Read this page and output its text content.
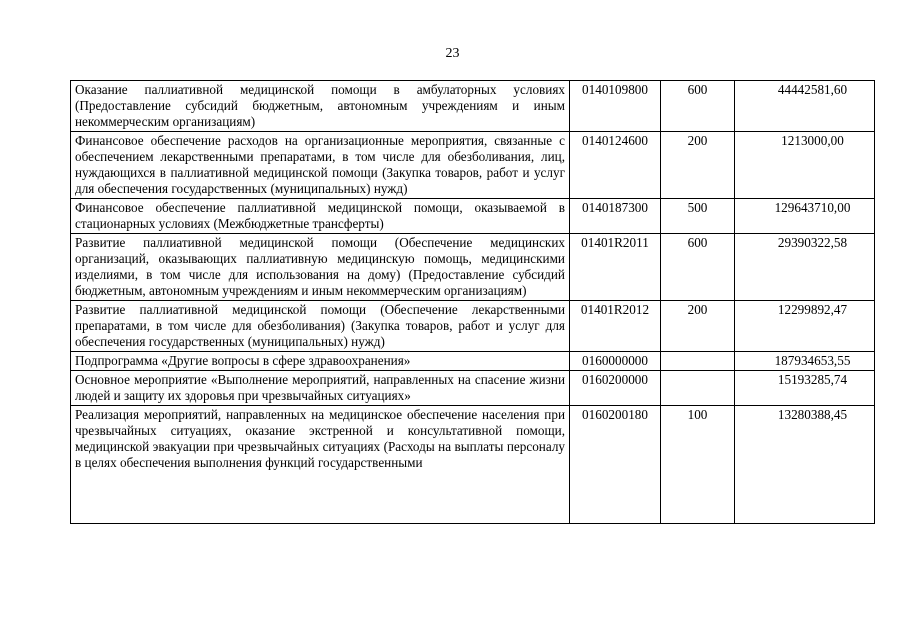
23
Оказание паллиативной медицинской помощи в амбулаторных условиях (Предоставление субсидий бюджетным, автономным учреждениям и иным некоммерческим организациям)	0140109800	600	44442581,60
Финансовое обеспечение расходов на организационные мероприятия, связанные с обеспечением лекарственными препаратами, в том числе для обезболивания, лиц, нуждающихся в паллиативной медицинской помощи (Закупка товаров, работ и услуг для обеспечения государственных (муниципальных) нужд)	0140124600	200	1213000,00
Финансовое обеспечение паллиативной медицинской помощи, оказываемой в стационарных условиях (Межбюджетные трансферты)	0140187300	500	129643710,00
Развитие паллиативной медицинской помощи (Обеспечение медицинских организаций, оказывающих паллиативную медицинскую помощь, медицинскими изделиями, в том числе для использования на дому) (Предоставление субсидий бюджетным, автономным учреждениям и иным некоммерческим организациям)	01401R2011	600	29390322,58
Развитие паллиативной медицинской помощи (Обеспечение лекарственными препаратами, в том числе для обезболивания) (Закупка товаров, работ и услуг для обеспечения государственных (муниципальных) нужд)	01401R2012	200	12299892,47
Подпрограмма «Другие вопросы в сфере здравоохранения»	0160000000		187934653,55
Основное мероприятие «Выполнение мероприятий, направленных на спасение жизни людей и защиту их здоровья при чрезвычайных ситуациях»	0160200000		15193285,74

Реализация мероприятий, направленных на медицинское обеспечение населения при чрезвычайных ситуациях, оказание экстренной и консультативной помощи, медицинской эвакуации при чрезвычайных ситуациях (Расходы на выплаты персоналу в целях обеспечения выполнения функций государственными	0160200180	100	13280388,45
